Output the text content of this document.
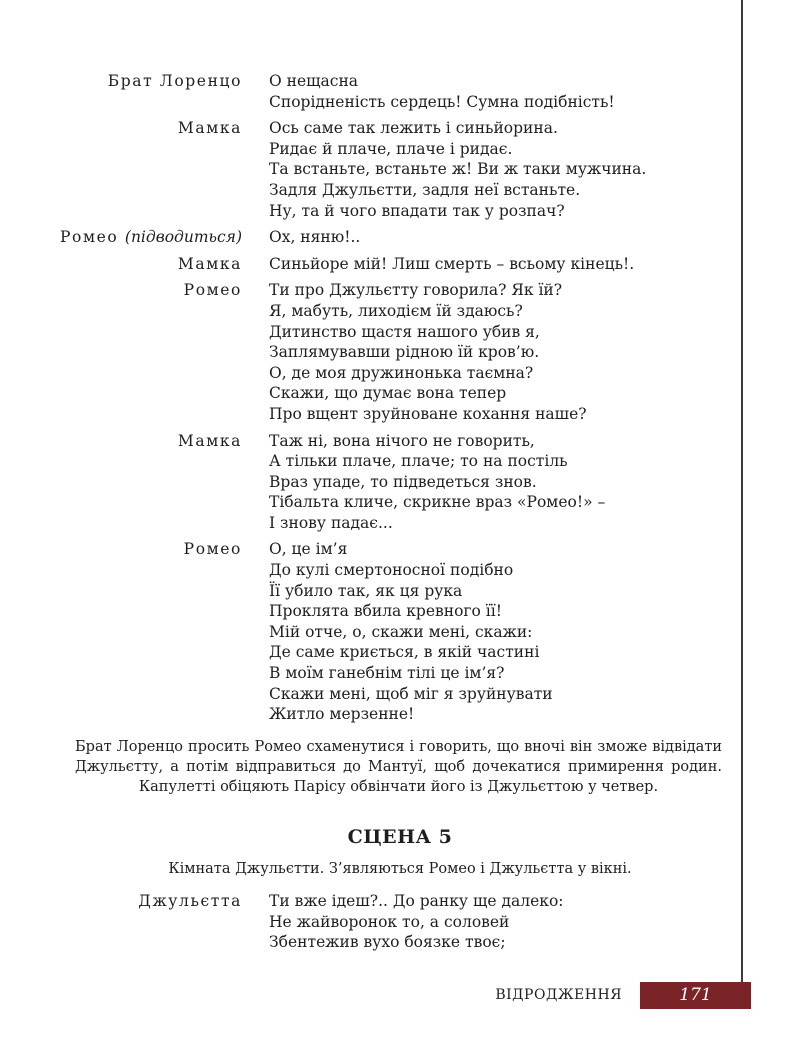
Брат Лоренцо О нещасна
Спорідненість сердець! Сумна подібність!
Мамка Ось саме так лежить і синьйорина.
Ридає й плаче, плаче і ридає.
Та встаньте, встаньте ж! Ви ж таки мужчина.
Задля Джульєтти, задля неї встаньте.
Ну, та й чого впадати так у розпач?
Ромео (підводиться) Ох, няню!..
Мамка Синьйоре мій! Лиш смерть – всьому кінець!.
Ромео Ти про Джульєтту говорила? Як їй?
Я, мабуть, лиходієм їй здаюсь?
Дитинство щастя нашого убив я,
Заплямувавши рідною їй кров’ю.
О, де моя дружинонька таємна?
Скажи, що думає вона тепер
Про вщент зруйноване кохання наше?
Мамка Таж ні, вона нічого не говорить,
А тільки плаче, плаче; то на постіль
Враз упаде, то підведеться знов.
Тібальта кличе, скрикне враз «Ромео!» –
І знову падає...
Ромео О, це ім’я
До кулі смертоносної подібно
Її убило так, як ця рука
Проклята вбила кревного її!
Мій отче, о, скажи мені, скажи:
Де саме криється, в якій частині
В моїм ганебнім тілі це ім’я?
Скажи мені, щоб міг я зруйнувати
Житло мерзенне!
Брат Лоренцо просить Ромео схаменутися і говорить, що вночі він зможе відвідати Джульєтту, а потім відправиться до Мантуї, щоб дочекатися примирення родин. Капулетті обіцяють Парісу обвінчати його із Джульєттою у четвер.
СЦЕНА 5
Кімната Джульєтти. З’являються Ромео і Джульєтта у вікні.
Джульєтта Ти вже ідеш?.. До ранку ще далеко:
Не жайворонок то, а соловей
Збентежив вухо боязке твоє;
ВІДРОДЖЕННЯ	171
